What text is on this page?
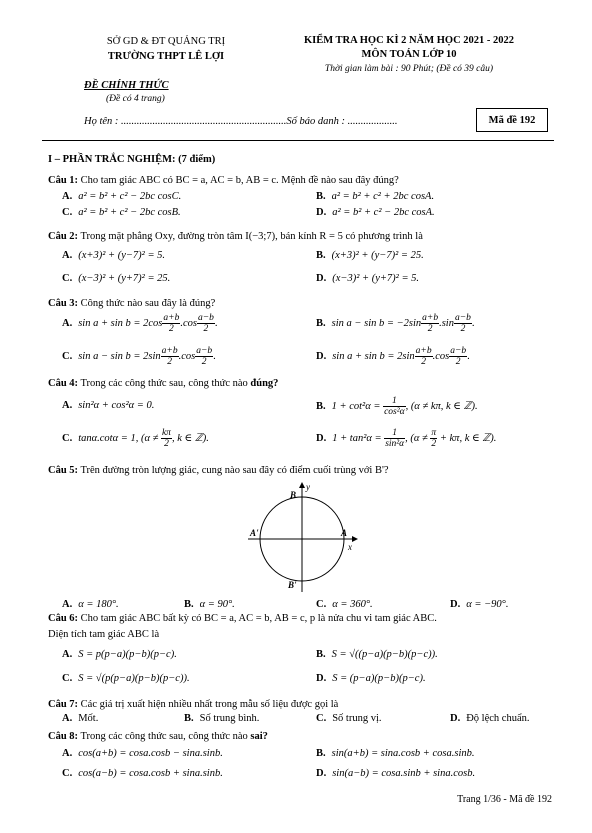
SỞ GD & ĐT QUẢNG TRỊ
TRƯỜNG THPT LÊ LỢI
KIỂM TRA HỌC KÌ 2 NĂM HỌC 2021 - 2022
MÔN TOÁN LỚP 10
Thời gian làm bài : 90 Phút; (Đề có 39 câu)
ĐỀ CHÍNH THỨC
(Đề có 4 trang)
Họ tên : ...............................................................Số báo danh : ...................	Mã đề 192
I – PHẦN TRẮC NGHIỆM: (7 điểm)
Câu 1: Cho tam giác ABC có BC = a, AC = b, AB = c. Mệnh đề nào sau đây đúng?
A. a² = b² + c² − 2bc cosC.	B. a² = b² + c² + 2bc cosA.
C. a² = b² + c² − 2bc cosB.	D. a² = b² + c² − 2bc cosA.
Câu 2: Trong mặt phẳng Oxy, đường tròn tâm I(−3;7), bán kính R = 5 có phương trình là
A. (x+3)² + (y−7)² = 5.	B. (x+3)² + (y−7)² = 25.
C. (x−3)² + (y+7)² = 25.	D. (x−3)² + (y+7)² = 5.
Câu 3: Công thức nào sau đây là đúng?
A. $\sin a + \sin b = 2\cos \frac{a+b}{2} .\cos \frac{a-b}{2}$ .	B. $\sin a - \sin b = -2\sin \frac{a+b}{2} .\sin \frac{a-b}{2}$ .
C. $\sin a - \sin b = 2\sin \frac{a+b}{2} .\cos \frac{a-b}{2}$ .	D. $\sin a + \sin b = 2\sin \frac{a+b}{2} .\cos \frac{a-b}{2}$ .
Câu 4: Trong các công thức sau, công thức nào đúng?
A. sin²α + cos²α = 0.	B. $1 + \cot^2\alpha = \frac{1}{\text{cos²α}}$ , (α ≠ kπ, k ∈ ℤ).
C. tanα.cotα = 1, ($\alpha \ne \frac{k\pi}{2}$ , k ∈ ℤ).	D. $1 + \tan^2\alpha = \frac{1}{\text{sin²α}}$ , ($\alpha \ne \frac{\pi}{2} + k\pi$, k ∈ ℤ).
Câu 5: Trên đường tròn lượng giác, cung nào sau đây có điểm cuối trùng với B'?
B
y
A'	A
x
B'
A. α = 180°.	B. α = 90°.	C. α = 360°.	D. α = −90°.
Câu 6: Cho tam giác ABC bất kỳ có BC = a, AC = b, AB = c, p là nửa chu vi tam giác ABC.
Diện tích tam giác ABC là
A. S = p(p−a)(p−b)(p−c).	B. S = √((p−a)(p−b)(p−c)).
C. S = √(p(p−a)(p−b)(p−c)).	D. S = (p−a)(p−b)(p−c).
Câu 7: Các giá trị xuất hiện nhiều nhất trong mẫu số liệu được gọi là
A. Mốt.	B. Số trung bình.	C. Số trung vị.	D. Độ lệch chuẩn.
Câu 8: Trong các công thức sau, công thức nào sai?
A. cos(a+b) = cosa.cosb − sina.sinb.	B. sin(a+b) = sina.cosb + cosa.sinb.
C. cos(a−b) = cosa.cosb + sina.sinb.	D. sin(a−b) = cosa.sinb + sina.cosb.
Trang 1/36 - Mã đề 192
